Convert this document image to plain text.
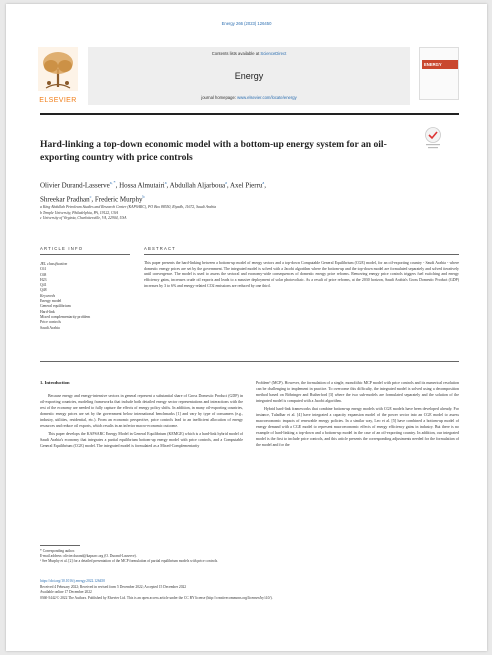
Energy 266 (2023) 126450
ELSEVIER
Contents lists available at ScienceDirect
Energy
journal homepage: www.elsevier.com/locate/energy
ENERGY
Hard-linking a top-down economic model with a bottom-up energy system for an oil-exporting country with price controls
Olivier Durand-Lasserve$^{a, *}$, Hossa Almutairi$^a$, Abdullah Aljarboua$^a$, Axel Pierru$^a$,
Shreekar Pradhan$^c$, Frederic Murphy$^b$
a King Abdullah Petroleum Studies and Research Center (KAPSARC), PO Box 88550, Riyadh, 11672, Saudi Arabia
b Temple University, Philadelphia, PA, 19122, USA
c University of Virginia, Charlottesville, VA, 22904, USA
ARTICLE INFO	ABSTRACT
JEL classification
C61
C68
H23
Q41
Q48
Keywords
Energy model
General equilibrium
Hard-link
Mixed complementarity problem
Price controls
Saudi Arabia
This paper presents the hard-linking between a bottom-up model of energy sectors and a top-down Computable General Equilibrium (CGE) model, for an oil-exporting country - Saudi Arabia - where domestic energy prices are set by the government. The integrated model is solved with a Jacobi algorithm where the bottom-up and the top-down model are formulated separately and solved iteratively until convergence. The model is used to assess the sectoral and economy-wide consequences of domestic energy price reforms. Removing energy price controls triggers fuel switching and energy efficiency gains, increases crude oil exports and leads to a massive deployment of solar photovoltaic. As a result of price reforms, at the 2030 horizon, Saudi Arabia's Gross Domestic Product (GDP) increases by 3 to 6% and energy-related CO2 emissions are reduced by one third.
1. Introduction

Because energy and energy-intensive sectors in general represent a substantial share of Gross Domestic Product (GDP) in oil-exporting countries, modeling frameworks that include both detailed energy sector representations and interactions with the rest of the economy are needed to fully capture the effects of energy policy shifts. In addition, in many oil-exporting countries, domestic energy prices are set by the government below international benchmarks [1] and vary by type of consumers (e.g., industry, utilities, residential, etc.). From an economic perspective, price controls lead to an inefficient allocation of energy resources and reduce oil exports, which results in an inferior macro-economic outcome.

This paper develops the KAPSARC Energy Model in General Equilibrium (KEMGE) which is a hard-link hybrid model of Saudi Arabia's economy that integrates a partial equilibrium bottom-up energy model with price controls, and a Computable General Equilibrium (CGE) model. The integrated model is formulated as a Mixed-Complementarity

Problem¹ (MCP). However, the formulation of a single, monolithic MCP model with price controls and its numerical resolution can be challenging to implement in practice. To overcome this difficulty, the integrated model is solved using a decomposition method based on Böhringer and Rutherford [3] where the two sub-models are formulated separately and the solution of the integrated model is computed with a Jacobi algorithm.

Hybrid hard-link frameworks that combine bottom-up energy models with CGE models have been developed already. For instance, Tuladhar et al. [4] have integrated a capacity expansion model of the power sector into an CGE model to assess macroeconomic impacts of renewable energy policies. In a similar way, Leo et al. [5] have combined a bottom-up model of energy demand with a CGE model to represent macroeconomic effects of energy efficiency gains in industry. But there is no example of hard-linking a top-down and a bottom-up model in the case of an oil-exporting country. In addition, our integrated model is the first to include price controls, and this article presents the corresponding adjustments needed for the formulation of the model and for the

* Corresponding author.
E-mail address: olivier.durand@kapsarc.org (O. Durand-Lasserve).
¹ See Murphy et al. [2] for a detailed presentation of the MCP formulation of partial equilibrium models with price controls.
https://doi.org/10.1016/j.energy.2022.126450
Received 4 February 2022; Received in revised form 5 December 2022; Accepted 15 December 2022
Available online 17 December 2022
0360-5442/© 2022 The Authors. Published by Elsevier Ltd. This is an open access article under the CC BY license (http://creativecommons.org/licenses/by/4.0/).
